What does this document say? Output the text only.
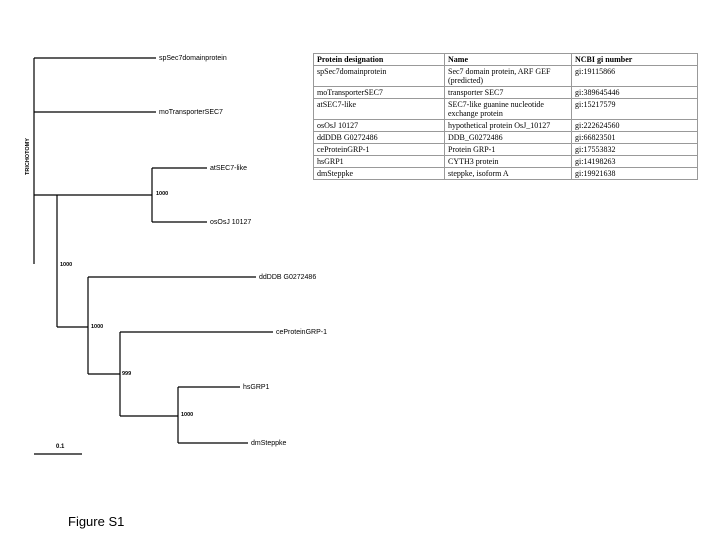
spSec7domainprotein
moTransporterSEC7
atSEC7-like
osOsJ 10127
ddDDB G0272486
ceProteinGRP-1
hsGRP1
dmSteppke
1000
1000
1000
999
1000
TRICHOTOMY
0.1
Protein designation	Name	NCBI gi number
spSec7domainprotein	Sec7 domain protein, ARF GEF (predicted)	gi:19115866
moTransporterSEC7	transporter SEC7	gi:389645446
atSEC7-like	SEC7-like guanine nucleotide exchange protein	gi:15217579
osOsJ 10127	hypothetical protein OsJ_10127	gi:222624560
ddDDB G0272486	DDB_G0272486	gi:66823501
ceProteinGRP-1	Protein GRP-1	gi:17553832
hsGRP1	CYTH3 protein	gi:14198263
dmSteppke	steppke, isoform A	gi:19921638
Figure S1
